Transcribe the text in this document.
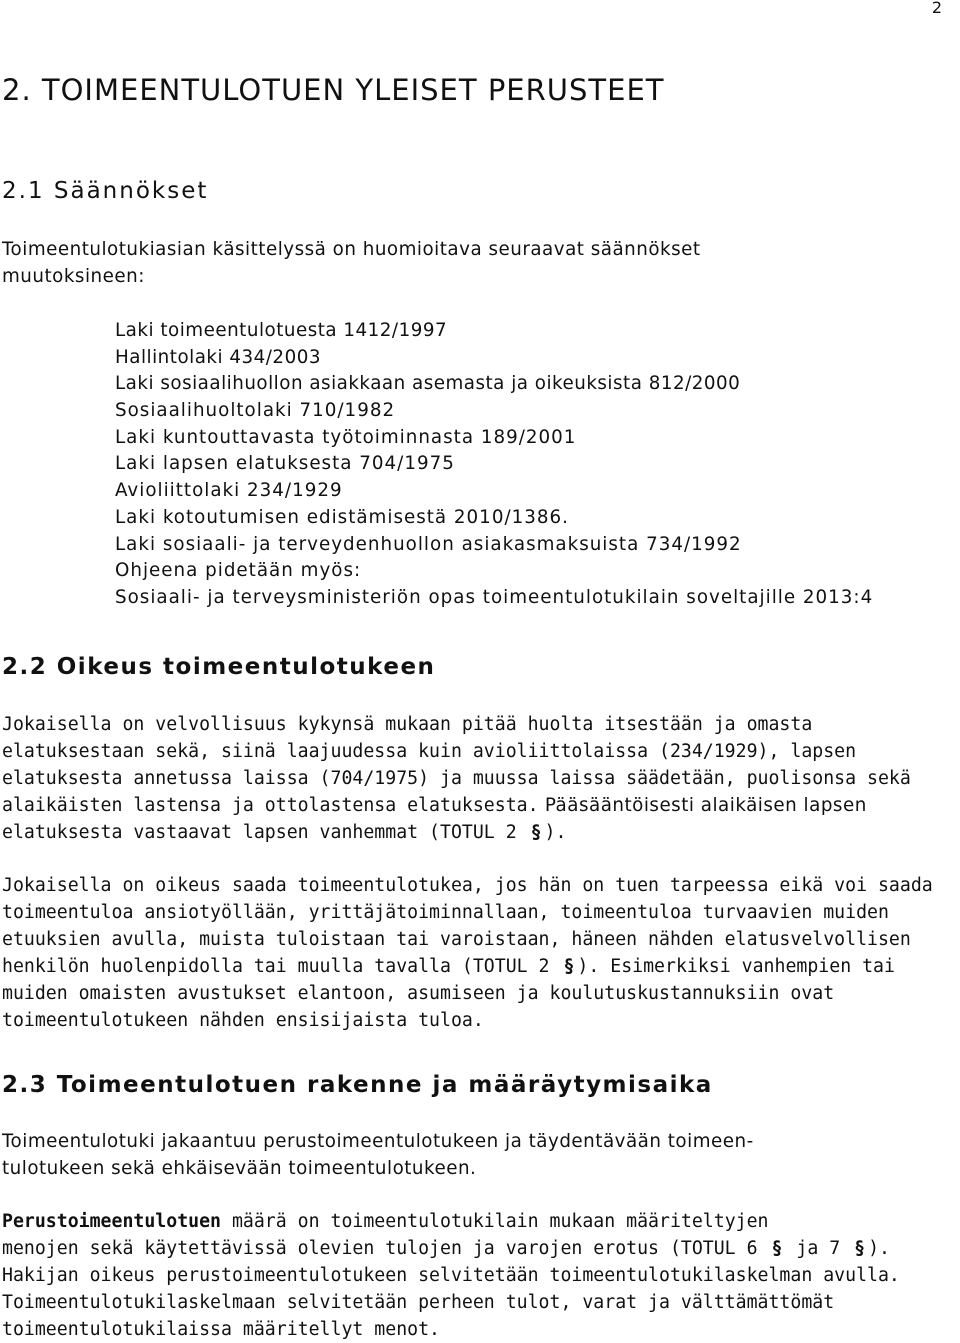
2
2. TOIMEENTULOTUEN YLEISET PERUSTEET
2.1 Säännökset
Toimeentulotukiasian käsittelyssä on huomioitava seuraavat säännökset
muutoksineen:
Laki toimeentulotuesta 1412/1997
Hallintolaki 434/2003
Laki sosiaalihuollon asiakkaan asemasta ja oikeuksista 812/2000
Sosiaalihuoltolaki 710/1982
Laki kuntouttavasta työtoiminnasta 189/2001
Laki lapsen elatuksesta 704/1975
Avioliittolaki 234/1929
Laki kotoutumisen edistämisestä 2010/1386.
Laki sosiaali- ja terveydenhuollon asiakasmaksuista 734/1992
Ohjeena pidetään myös:
Sosiaali- ja terveysministeriön opas toimeentulotukilain soveltajille 2013:4
2.2 Oikeus toimeentulotukeen
Jokaisella on velvollisuus kykynsä mukaan pitää huolta itsestään ja omasta
elatuksestaan sekä, siinä laajuudessa kuin avioliittolaissa (234/1929), lapsen
elatuksesta annetussa laissa (704/1975) ja muussa laissa säädetään, puolisonsa sekä
alaikäisten lastensa ja ottolastensa elatuksesta. Pääsääntöisesti alaikäisen lapsen
elatuksesta vastaavat lapsen vanhemmat (TOTUL 2 § ).
Jokaisella on oikeus saada toimeentulotukea, jos hän on tuen tarpeessa eikä voi saada
toimeentuloa ansiotyöllään, yrittäjätoiminnallaan, toimeentuloa turvaavien muiden
etuuksien avulla, muista tuloistaan tai varoistaan, häneen nähden elatusvelvollisen
henkilön huolenpidolla tai muulla tavalla (TOTUL 2 § ). Esimerkiksi vanhempien tai
muiden omaisten avustukset elantoon, asumiseen ja koulutuskustannuksiin ovat
toimeentulotukeen nähden ensisijaista tuloa.
2.3 Toimeentulotuen rakenne ja määräytymisaika
Toimeentulotuki jakaantuu perustoimeentulotukeen ja täydentävään toimeen-
tulotukeen sekä ehkäisevään toimeentulotukeen.
Perustoimeentulotuen määrä on toimeentulotukilain mukaan määriteltyjen
menojen sekä käytettävissä olevien tulojen ja varojen erotus (TOTUL 6 § ja 7 § ).
Hakijan oikeus perustoimeentulotukeen selvitetään toimeentulotukilaskelman avulla.
Toimeentulotukilaskelmaan selvitetään perheen tulot, varat ja välttämättömät
toimeentulotukilaissa määritellyt menot.
